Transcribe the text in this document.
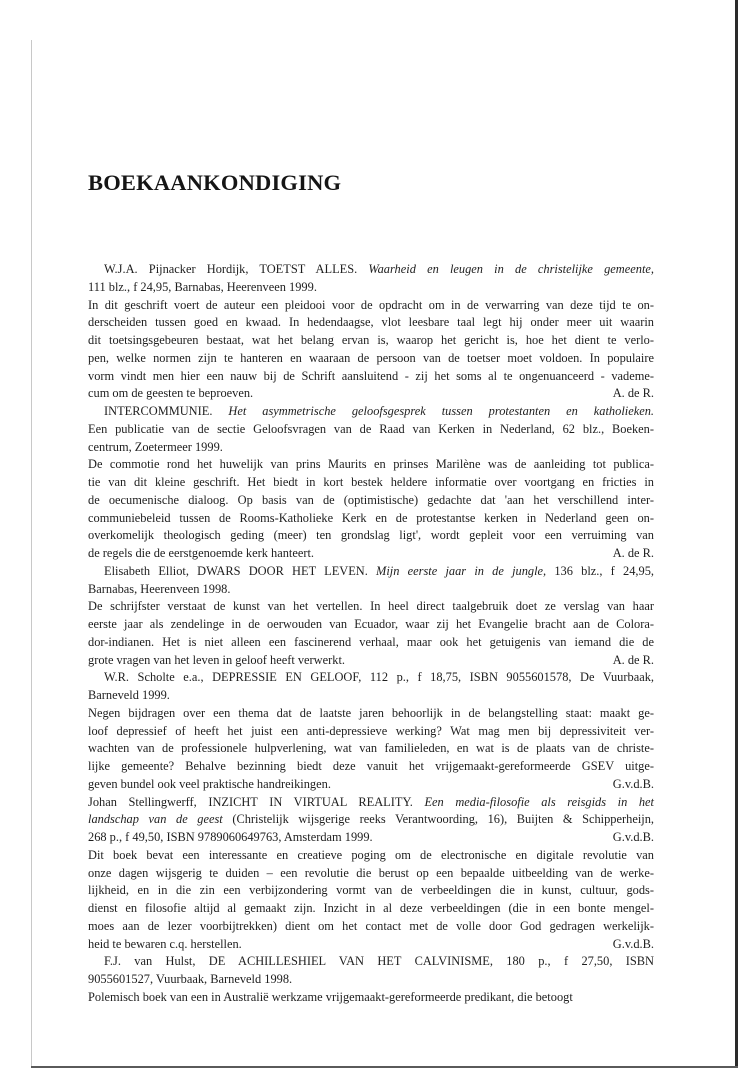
BOEKAANKONDIGING
W.J.A. Pijnacker Hordijk, TOETST ALLES. Waarheid en leugen in de christelijke gemeente,
111 blz., f 24,95, Barnabas, Heerenveen 1999.
In dit geschrift voert de auteur een pleidooi voor de opdracht om in de verwarring van deze tijd te on-
derscheiden tussen goed en kwaad. In hedendaagse, vlot leesbare taal legt hij onder meer uit waarin
dit toetsingsgebeuren bestaat, wat het belang ervan is, waarop het gericht is, hoe het dient te verlo-
pen, welke normen zijn te hanteren en waaraan de persoon van de toetser moet voldoen. In populaire
vorm vindt men hier een nauw bij de Schrift aansluitend - zij het soms al te ongenuanceerd - vademe-
A. de R.
cum om de geesten te beproeven.
INTERCOMMUNIE. Het asymmetrische geloofsgesprek tussen protestanten en katholieken.
Een publicatie van de sectie Geloofsvragen van de Raad van Kerken in Nederland, 62 blz., Boeken-
centrum, Zoetermeer 1999.
De commotie rond het huwelijk van prins Maurits en prinses Marilène was de aanleiding tot publica-
tie van dit kleine geschrift. Het biedt in kort bestek heldere informatie over voortgang en fricties in
de oecumenische dialoog. Op basis van de (optimistische) gedachte dat 'aan het verschillend inter-
communiebeleid tussen de Rooms-Katholieke Kerk en de protestantse kerken in Nederland geen on-
overkomelijk theologisch geding (meer) ten grondslag ligt', wordt gepleit voor een verruiming van
A. de R.
de regels die de eerstgenoemde kerk hanteert.
Elisabeth Elliot, DWARS DOOR HET LEVEN. Mijn eerste jaar in de jungle, 136 blz., f 24,95,
Barnabas, Heerenveen 1998.
De schrijfster verstaat de kunst van het vertellen. In heel direct taalgebruik doet ze verslag van haar
eerste jaar als zendelinge in de oerwouden van Ecuador, waar zij het Evangelie bracht aan de Colora-
dor-indianen. Het is niet alleen een fascinerend verhaal, maar ook het getuigenis van iemand die de
A. de R.
grote vragen van het leven in geloof heeft verwerkt.
W.R. Scholte e.a., DEPRESSIE EN GELOOF, 112 p., f 18,75, ISBN 9055601578, De Vuurbaak,
Barneveld 1999.
Negen bijdragen over een thema dat de laatste jaren behoorlijk in de belangstelling staat: maakt ge-
loof depressief of heeft het juist een anti-depressieve werking? Wat mag men bij depressiviteit ver-
wachten van de professionele hulpverlening, wat van familieleden, en wat is de plaats van de christe-
lijke gemeente? Behalve bezinning biedt deze vanuit het vrijgemaakt-gereformeerde GSEV uitge-
G.v.d.B.
geven bundel ook veel praktische handreikingen.
Johan Stellingwerff, INZICHT IN VIRTUAL REALITY. Een media-filosofie als reisgids in het
landschap van de geest (Christelijk wijsgerige reeks Verantwoording, 16), Buijten & Schipperheijn,
G.v.d.B.
268 p., f 49,50, ISBN 9789060649763, Amsterdam 1999.
Dit boek bevat een interessante en creatieve poging om de electronische en digitale revolutie van
onze dagen wijsgerig te duiden – een revolutie die berust op een bepaalde uitbeelding van de werke-
lijkheid, en in die zin een verbijzondering vormt van de verbeeldingen die in kunst, cultuur, gods-
dienst en filosofie altijd al gemaakt zijn. Inzicht in al deze verbeeldingen (die in een bonte mengel-
moes aan de lezer voorbijtrekken) dient om het contact met de volle door God gedragen werkelijk-
G.v.d.B.
heid te bewaren c.q. herstellen.
F.J. van Hulst, DE ACHILLESHIEL VAN HET CALVINISME, 180 p., f 27,50, ISBN
9055601527, Vuurbaak, Barneveld 1998.
Polemisch boek van een in Australië werkzame vrijgemaakt-gereformeerde predikant, die betoogt
